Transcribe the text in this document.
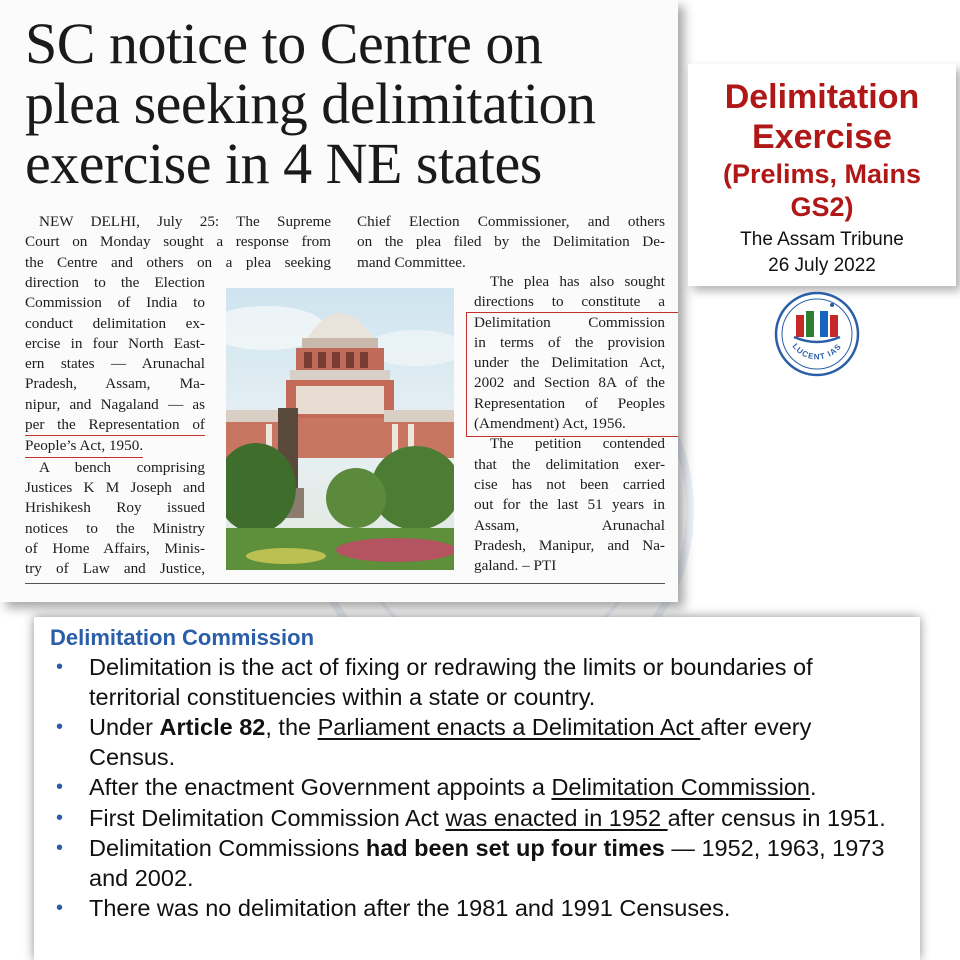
SC notice to Centre on
plea seeking delimitation
exercise in 4 NE states
NEW DELHI, July 25: The Supreme
Court on Monday sought a response from
the Centre and others on a plea seeking
direction to the Election
Commission of India to
conduct delimitation ex-
ercise in four North East-
ern states — Arunachal
Pradesh, Assam, Ma-
nipur, and Nagaland — as
per the Representation of
People’s Act, 1950.
A bench comprising
Justices K M Joseph and
Hrishikesh Roy issued
notices to the Ministry
of Home Affairs, Minis-
try of Law and Justice,
Chief Election Commissioner, and others
on the plea filed by the Delimitation De-
mand Committee.
The plea has also sought
directions to constitute a
Delimitation Commission
in terms of the provision
under the Delimitation Act,
2002 and Section 8A of the
Representation of Peoples
(Amendment) Act, 1956.
The petition contended
that the delimitation exer-
cise has not been carried
out for the last 51 years in
Assam,          Arunachal
Pradesh, Manipur, and Na-
galand. – PTI

Delimitation

Exercise

(Prelims, Mains

GS2)

The Assam Tribune

26 July 2022

LUCENT IAS
Delimitation Commission
• Delimitation is the act of fixing or redrawing the limits or boundaries of territorial constituencies within a state or country.
• Under Article 82, the Parliament enacts a Delimitation Act after every Census.
• After the enactment Government appoints a Delimitation Commission.
• First Delimitation Commission Act was enacted in 1952 after census in 1951.
• Delimitation Commissions had been set up four times — 1952, 1963, 1973 and 2002.
• There was no delimitation after the 1981 and 1991 Censuses.
